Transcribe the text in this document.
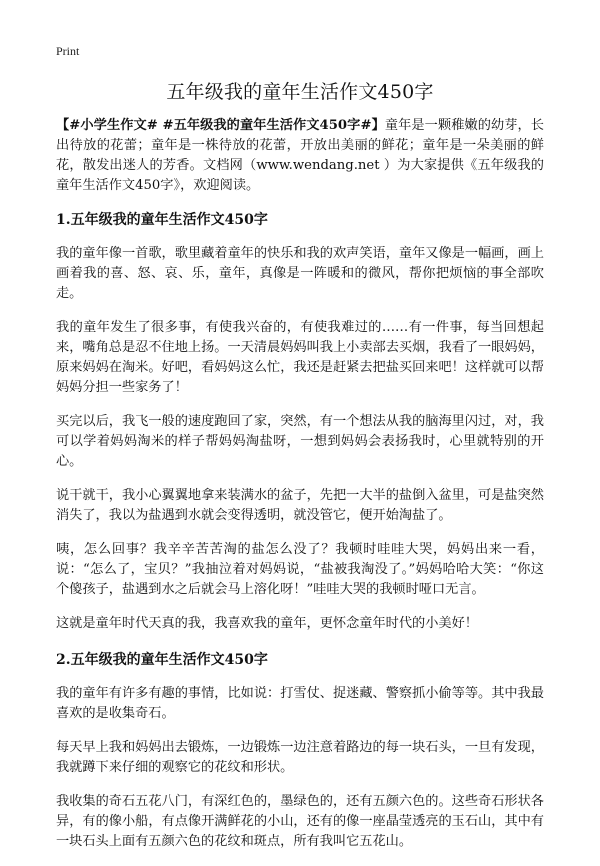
Print
五年级我的童年生活作文450字

【#小学生作文# #五年级我的童年生活作文450字#】童年是一颗稚嫩的幼芽，长出待放的花蕾；童年是一株待放的花蕾，开放出美丽的鲜花；童年是一朵美丽的鲜花，散发出迷人的芳香。文档网（www.wendang.net ）为大家提供《五年级我的童年生活作文450字》，欢迎阅读。

1.五年级我的童年生活作文450字

我的童年像一首歌，歌里藏着童年的快乐和我的欢声笑语，童年又像是一幅画，画上画着我的喜、怒、哀、乐，童年，真像是一阵暖和的微风，帮你把烦恼的事全部吹走。

我的童年发生了很多事，有使我兴奋的，有使我难过的……有一件事，每当回想起来，嘴角总是忍不住地上扬。一天清晨妈妈叫我上小卖部去买烟，我看了一眼妈妈，原来妈妈在淘米。好吧，看妈妈这么忙，我还是赶紧去把盐买回来吧！这样就可以帮妈妈分担一些家务了！

买完以后，我飞一般的速度跑回了家，突然，有一个想法从我的脑海里闪过，对，我可以学着妈妈淘米的样子帮妈妈淘盐呀，一想到妈妈会表扬我时，心里就特别的开心。

说干就干，我小心翼翼地拿来装满水的盆子，先把一大半的盐倒入盆里，可是盐突然消失了，我以为盐遇到水就会变得透明，就没管它，便开始淘盐了。

咦，怎么回事？我辛辛苦苦淘的盐怎么没了？我顿时哇哇大哭，妈妈出来一看，说：“怎么了，宝贝？”我抽泣着对妈妈说，“盐被我淘没了。”妈妈哈哈大笑：“你这个傻孩子，盐遇到水之后就会马上溶化呀！”哇哇大哭的我顿时哑口无言。

这就是童年时代天真的我，我喜欢我的童年，更怀念童年时代的小美好！

2.五年级我的童年生活作文450字

我的童年有许多有趣的事情，比如说：打雪仗、捉迷藏、警察抓小偷等等。其中我最喜欢的是收集奇石。

每天早上我和妈妈出去锻炼，一边锻炼一边注意着路边的每一块石头，一旦有发现，我就蹲下来仔细的观察它的花纹和形状。

我收集的奇石五花八门，有深红色的，墨绿色的，还有五颜六色的。这些奇石形状各异，有的像小船，有点像开满鲜花的小山，还有的像一座晶莹透亮的玉石山，其中有一块石头上面有五颜六色的花纹和斑点，所有我叫它五花山。
